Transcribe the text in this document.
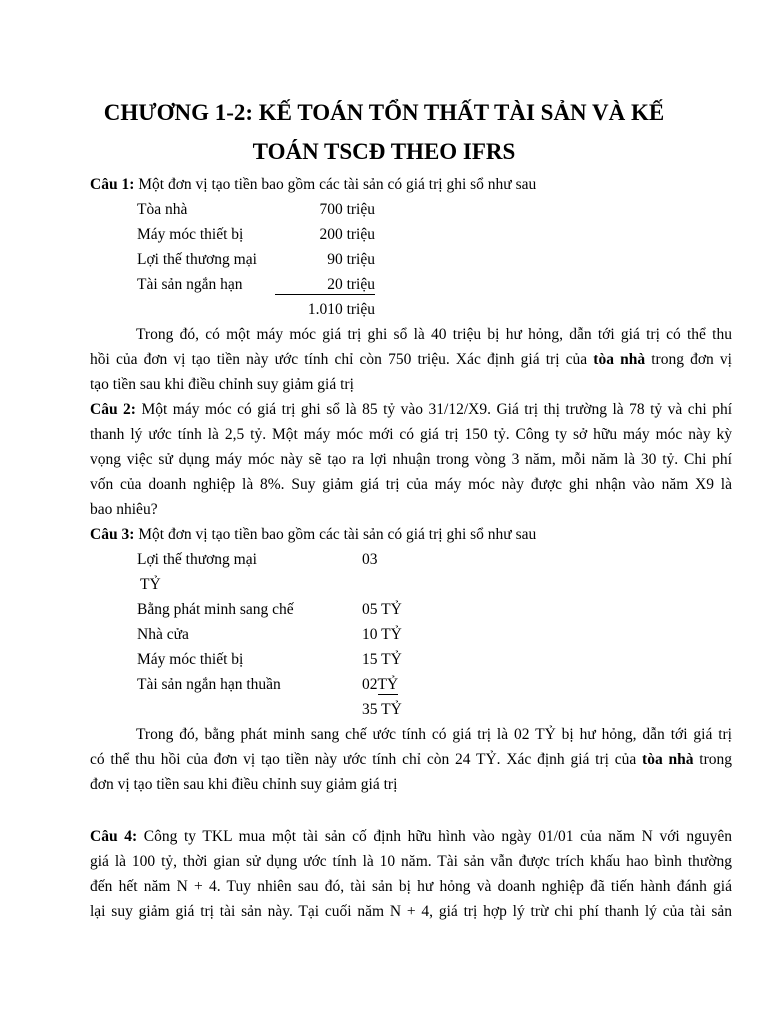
CHƯƠNG 1-2: KẾ TOÁN TỔN THẤT TÀI SẢN VÀ KẾ
TOÁN TSCĐ THEO IFRS
Câu 1: Một đơn vị tạo tiền bao gồm các tài sản có giá trị ghi sổ như sau
Tòa nhà	700 triệu
Máy móc thiết bị	200 triệu
Lợi thế thương mại	90 triệu
Tài sản ngắn hạn	20 triệu
1.010 triệu
Trong đó, có một máy móc giá trị ghi sổ là 40 triệu bị hư hỏng, dẫn tới giá trị có thể thu
hồi của đơn vị tạo tiền này ước tính chỉ còn 750 triệu. Xác định giá trị của tòa nhà trong đơn vị
tạo tiền sau khi điều chỉnh suy giảm giá trị
Câu 2: Một máy móc có giá trị ghi sổ là 85 tỷ vào 31/12/X9. Giá trị thị trường là 78 tỷ và chi phí
thanh lý ước tính là 2,5 tỷ. Một máy móc mới có giá trị 150 tỷ. Công ty sở hữu máy móc này kỳ
vọng việc sử dụng máy móc này sẽ tạo ra lợi nhuận trong vòng 3 năm, mỗi năm là 30 tỷ. Chi phí
vốn của doanh nghiệp là 8%. Suy giảm giá trị của máy móc này được ghi nhận vào năm X9 là
bao nhiêu?
Câu 3: Một đơn vị tạo tiền bao gồm các tài sản có giá trị ghi sổ như sau
Lợi thế thương mại	03
TỶ
Bằng phát minh sang chế	05 TỶ
Nhà cửa	10 TỶ
Máy móc thiết bị	15 TỶ
Tài sản ngắn hạn thuần	02TỶ
35 TỶ
Trong đó, bằng phát minh sang chế ước tính có giá trị là 02 TỶ bị hư hỏng, dẫn tới giá trị
có thể thu hồi của đơn vị tạo tiền này ước tính chỉ còn 24 TỶ. Xác định giá trị của tòa nhà trong
đơn vị tạo tiền sau khi điều chỉnh suy giảm giá trị
Câu 4: Công ty TKL mua một tài sản cố định hữu hình vào ngày 01/01 của năm N với nguyên
giá là 100 tỷ, thời gian sử dụng ước tính là 10 năm. Tài sản vẫn được trích khấu hao bình thường
đến hết năm N + 4. Tuy nhiên sau đó, tài sản bị hư hỏng và doanh nghiệp đã tiến hành đánh giá
lại suy giảm giá trị tài sản này. Tại cuối năm N + 4, giá trị hợp lý trừ chi phí thanh lý của tài sản
